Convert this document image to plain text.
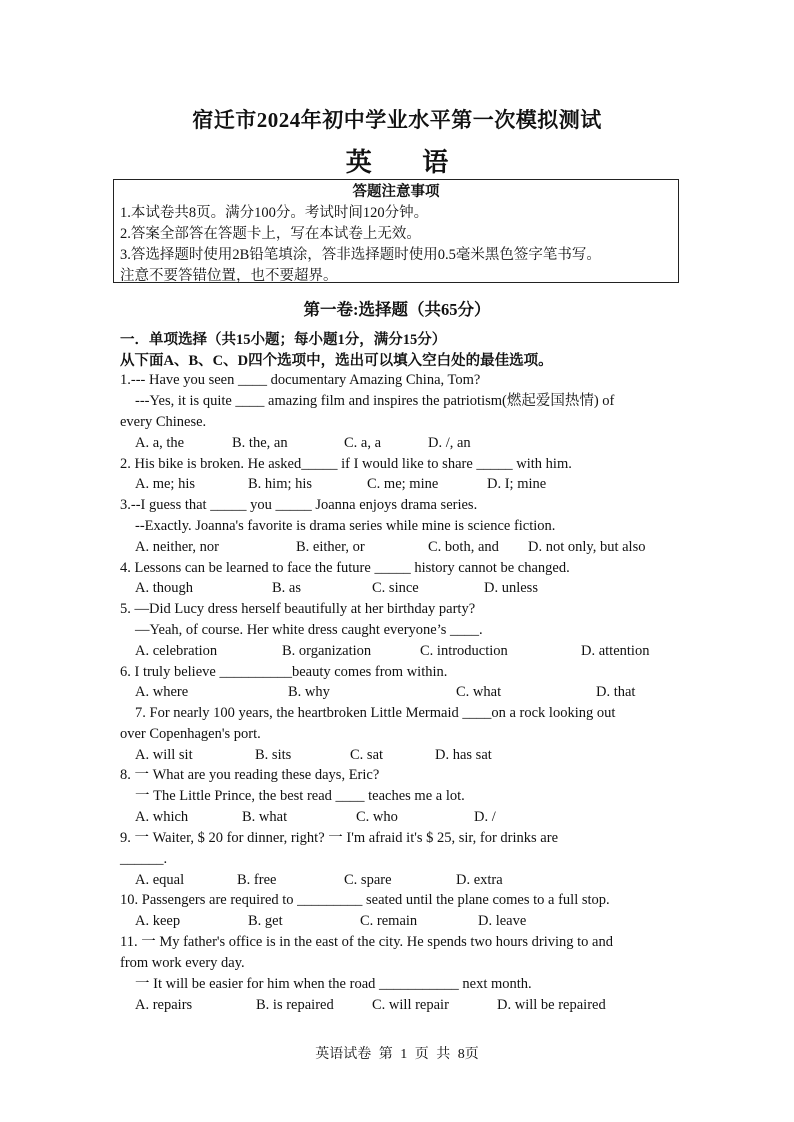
宿迁市2024年初中学业水平第一次模拟测试
英 语
答题注意事项
1.本试卷共8页。满分100分。考试时间120分钟。
2.答案全部答在答题卡上，写在本试卷上无效。
3.答选择题时使用2B铅笔填涂，答非选择题时使用0.5毫米黑色签字笔书写。
注意不要答错位置，也不要超界。
第一卷:选择题（共65分）
一．单项选择（共15小题；每小题1分，满分15分）
从下面A、B、C、D四个选项中，选出可以填入空白处的最佳选项。
1.--- Have you seen ____ documentary Amazing China, Tom?
---Yes, it is quite ____ amazing film and inspires the patriotism(燃起爱国热情) of
every Chinese.
A. a, the	B. the, an	C. a, a	D. /, an
2. His bike is broken. He asked_____ if I would like to share _____ with him.
A. me; his	B. him; his	C. me; mine	D. I; mine
3.--I guess that _____ you _____ Joanna enjoys drama series.
--Exactly. Joanna's favorite is drama series while mine is science fiction.
A. neither, nor	B. either, or	C. both, and D. not only, but also
4. Lessons can be learned to face the future _____ history cannot be changed.
A. though	B. as	C. since	D. unless
5. —Did Lucy dress herself beautifully at her birthday party?
—Yeah, of course. Her white dress caught everyone’s ____.
A. celebration	B. organization	C. introduction	D. attention
6. I truly believe __________beauty comes from within.
A. where	B. why	C. what	D. that
7. For nearly 100 years, the heartbroken Little Mermaid ____on a rock looking out
over Copenhagen's port.
A. will sit	B. sits	C. sat	D. has sat
8. 一 What are you reading these days, Eric?
一 The Little Prince, the best read ____ teaches me a lot.
A. which	B. what	C. who	D. /
9. 一 Waiter, $ 20 for dinner, right? 一 I'm afraid it's $ 25, sir, for drinks are
______.
A. equal	B. free	C. spare	D. extra
10. Passengers are required to _________ seated until the plane comes to a full stop.
A. keep	B. get	C. remain	D. leave
11. 一 My father's office is in the east of the city. He spends two hours driving to and
from work every day.
一 It will be easier for him when the road ___________ next month.
A. repairs	B. is repaired	C. will repair	D. will be repaired
英语试卷 第 1 页 共 8页
